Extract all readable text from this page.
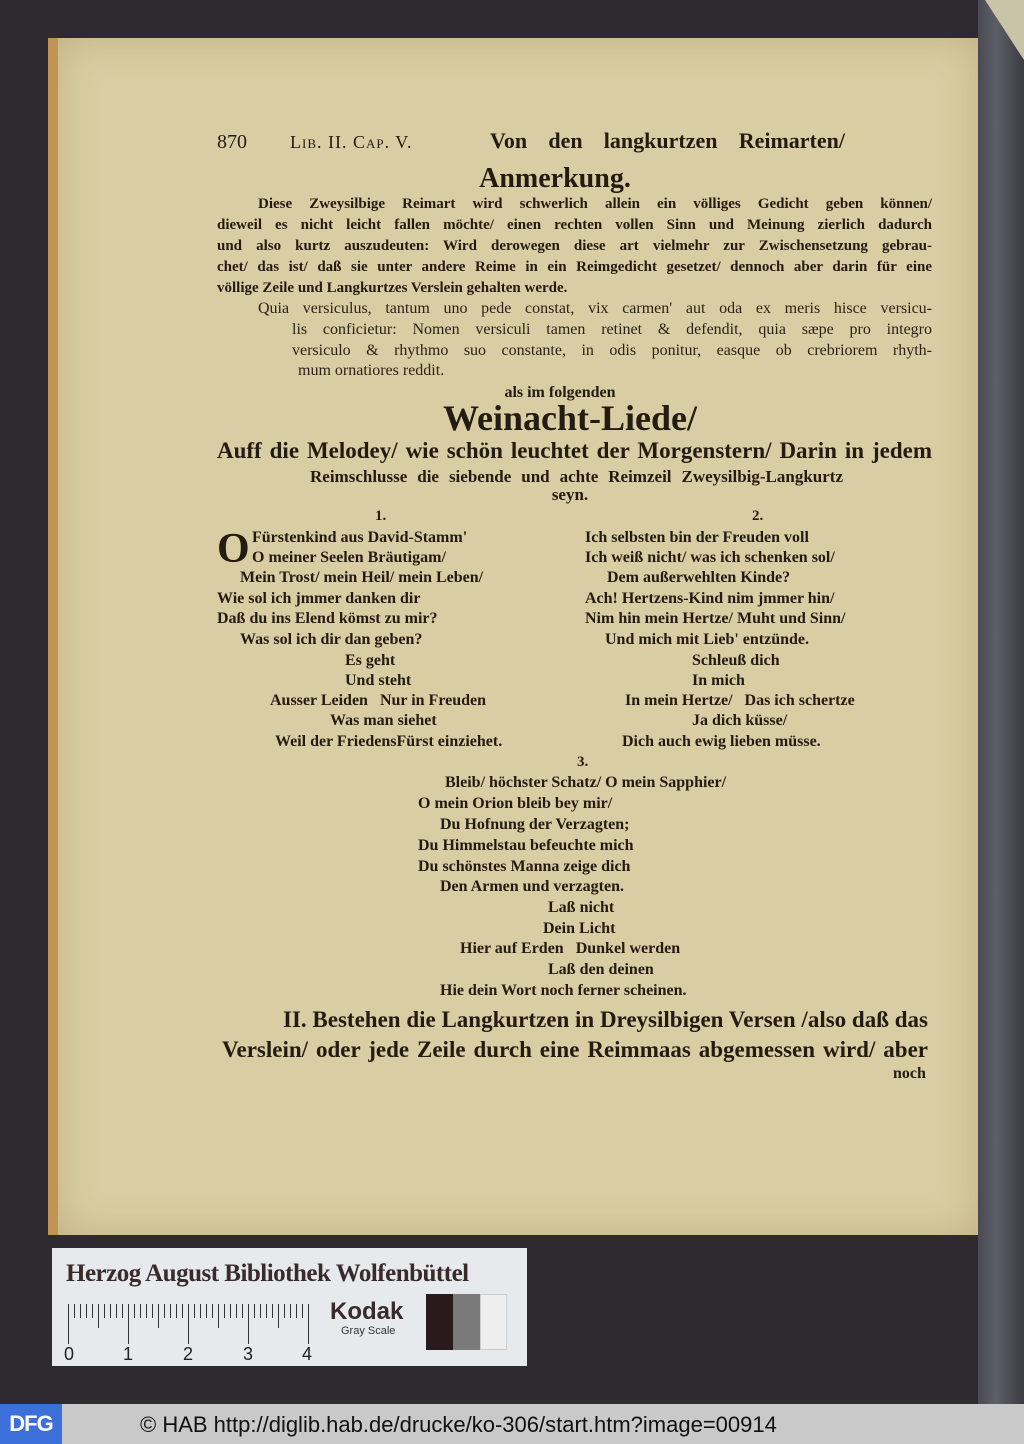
870 Lib. II. Cap. V.	Von den langkurtzen Reimarten/
Anmerkung.
Diese Zweysilbige Reimart wird schwerlich allein ein völliges Gedicht geben können/
dieweil es nicht leicht fallen möchte/ einen rechten vollen Sinn und Meinung zierlich dadurch
und also kurtz auszudeuten: Wird derowegen diese art vielmehr zur Zwischensetzung gebrau-
chet/ das ist/ daß sie unter andere Reime in ein Reimgedicht gesetzet/ dennoch aber darin für eine
völlige Zeile und Langkurtzes Verslein gehalten werde.
Quia versiculus, tantum uno pede constat, vix carmen' aut oda ex meris hisce versicu-
lis conficietur: Nomen versiculi tamen retinet & defendit, quia sæpe pro integro
versiculo & rhythmo suo constante, in odis ponitur, easque ob crebriorem rhyth-
mum ornatiores reddit.
als im folgenden
Weinacht-Liede/
Auff die Melodey/ wie schön leuchtet der Morgenstern/ Darin in jedem
Reimschlusse die siebende und achte Reimzeil Zweysilbig-Langkurtz
seyn.
1.
O Fürstenkind aus David-Stamm'
O meiner Seelen Bräutigam/
Mein Trost/ mein Heil/ mein Leben/
Wie sol ich jmmer danken dir
Daß du ins Elend kömst zu mir?
Was sol ich dir dan geben?
Es geht
Und steht
Ausser Leiden   Nur in Freuden
Was man siehet
Weil der FriedensFürst einziehet.
2.
Ich selbsten bin der Freuden voll
Ich weiß nicht/ was ich schenken sol/
Dem außerwehlten Kinde?
Ach! Hertzens-Kind nim jmmer hin/
Nim hin mein Hertze/ Muht und Sinn/
Und mich mit Lieb' entzünde.
Schleuß dich
In mich
In mein Hertze/   Das ich schertze
Ja dich küsse/
Dich auch ewig lieben müsse.
3.
Bleib/ höchster Schatz/ O mein Sapphier/
O mein Orion bleib bey mir/
Du Hofnung der Verzagten;
Du Himmelstau befeuchte mich
Du schönstes Manna zeige dich
Den Armen und verzagten.
Laß nicht
Dein Licht
Hier auf Erden   Dunkel werden
Laß den deinen
Hie dein Wort noch ferner scheinen.
II. Bestehen die Langkurtzen in Dreysilbigen Versen /also daß das
Verslein/ oder jede Zeile durch eine Reimmaas abgemessen wird/ aber
noch
Herzog August Bibliothek Wolfenbüttel
0	1	2	3	4
Kodak
Gray Scale
DFG	© HAB http://diglib.hab.de/drucke/ko-306/start.htm?image=00914
